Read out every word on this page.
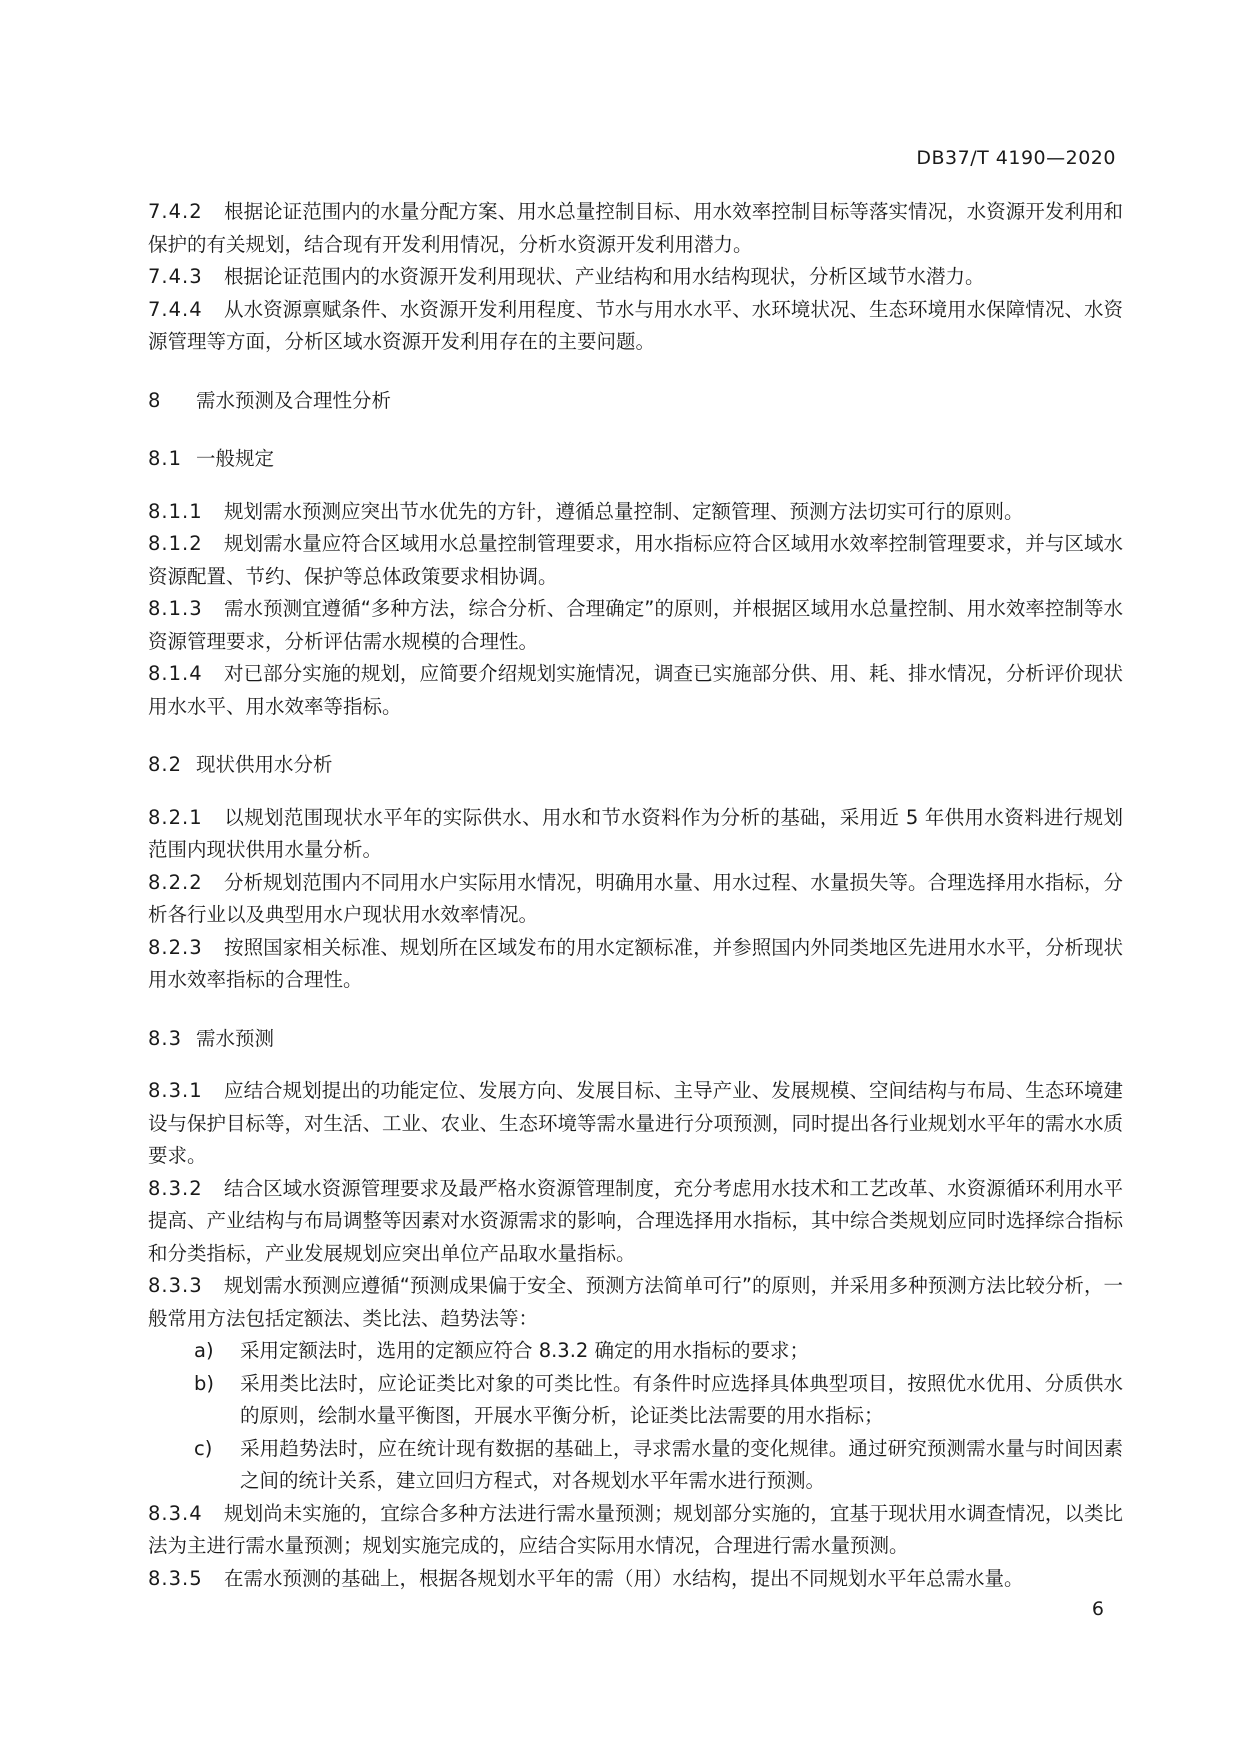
DB37/T 4190—2020

7.4.2 根据论证范围内的水量分配方案、用水总量控制目标、用水效率控制目标等落实情况，水资源开发利用和保护的有关规划，结合现有开发利用情况，分析水资源开发利用潜力。

7.4.3 根据论证范围内的水资源开发利用现状、产业结构和用水结构现状，分析区域节水潜力。

7.4.4 从水资源禀赋条件、水资源开发利用程度、节水与用水水平、水环境状况、生态环境用水保障情况、水资源管理等方面，分析区域水资源开发利用存在的主要问题。

8 需水预测及合理性分析

8.1 一般规定

8.1.1 规划需水预测应突出节水优先的方针，遵循总量控制、定额管理、预测方法切实可行的原则。

8.1.2 规划需水量应符合区域用水总量控制管理要求，用水指标应符合区域用水效率控制管理要求，并与区域水资源配置、节约、保护等总体政策要求相协调。

8.1.3 需水预测宜遵循“多种方法，综合分析、合理确定”的原则，并根据区域用水总量控制、用水效率控制等水资源管理要求，分析评估需水规模的合理性。

8.1.4 对已部分实施的规划，应简要介绍规划实施情况，调查已实施部分供、用、耗、排水情况，分析评价现状用水水平、用水效率等指标。

8.2 现状供用水分析

8.2.1 以规划范围现状水平年的实际供水、用水和节水资料作为分析的基础，采用近 5 年供用水资料进行规划范围内现状供用水量分析。

8.2.2 分析规划范围内不同用水户实际用水情况，明确用水量、用水过程、水量损失等。合理选择用水指标，分析各行业以及典型用水户现状用水效率情况。

8.2.3 按照国家相关标准、规划所在区域发布的用水定额标准，并参照国内外同类地区先进用水水平，分析现状用水效率指标的合理性。

8.3 需水预测

8.3.1 应结合规划提出的功能定位、发展方向、发展目标、主导产业、发展规模、空间结构与布局、生态环境建设与保护目标等，对生活、工业、农业、生态环境等需水量进行分项预测，同时提出各行业规划水平年的需水水质要求。

8.3.2 结合区域水资源管理要求及最严格水资源管理制度，充分考虑用水技术和工艺改革、水资源循环利用水平提高、产业结构与布局调整等因素对水资源需求的影响，合理选择用水指标，其中综合类规划应同时选择综合指标和分类指标，产业发展规划应突出单位产品取水量指标。

8.3.3 规划需水预测应遵循“预测成果偏于安全、预测方法简单可行”的原则，并采用多种预测方法比较分析，一般常用方法包括定额法、类比法、趋势法等：

a) 采用定额法时，选用的定额应符合 8.3.2 确定的用水指标的要求；

b) 采用类比法时，应论证类比对象的可类比性。有条件时应选择具体典型项目，按照优水优用、分质供水的原则，绘制水量平衡图，开展水平衡分析，论证类比法需要的用水指标；

c) 采用趋势法时，应在统计现有数据的基础上，寻求需水量的变化规律。通过研究预测需水量与时间因素之间的统计关系，建立回归方程式，对各规划水平年需水进行预测。

8.3.4 规划尚未实施的，宜综合多种方法进行需水量预测；规划部分实施的，宜基于现状用水调查情况，以类比法为主进行需水量预测；规划实施完成的，应结合实际用水情况，合理进行需水量预测。

8.3.5 在需水预测的基础上，根据各规划水平年的需（用）水结构，提出不同规划水平年总需水量。

6
